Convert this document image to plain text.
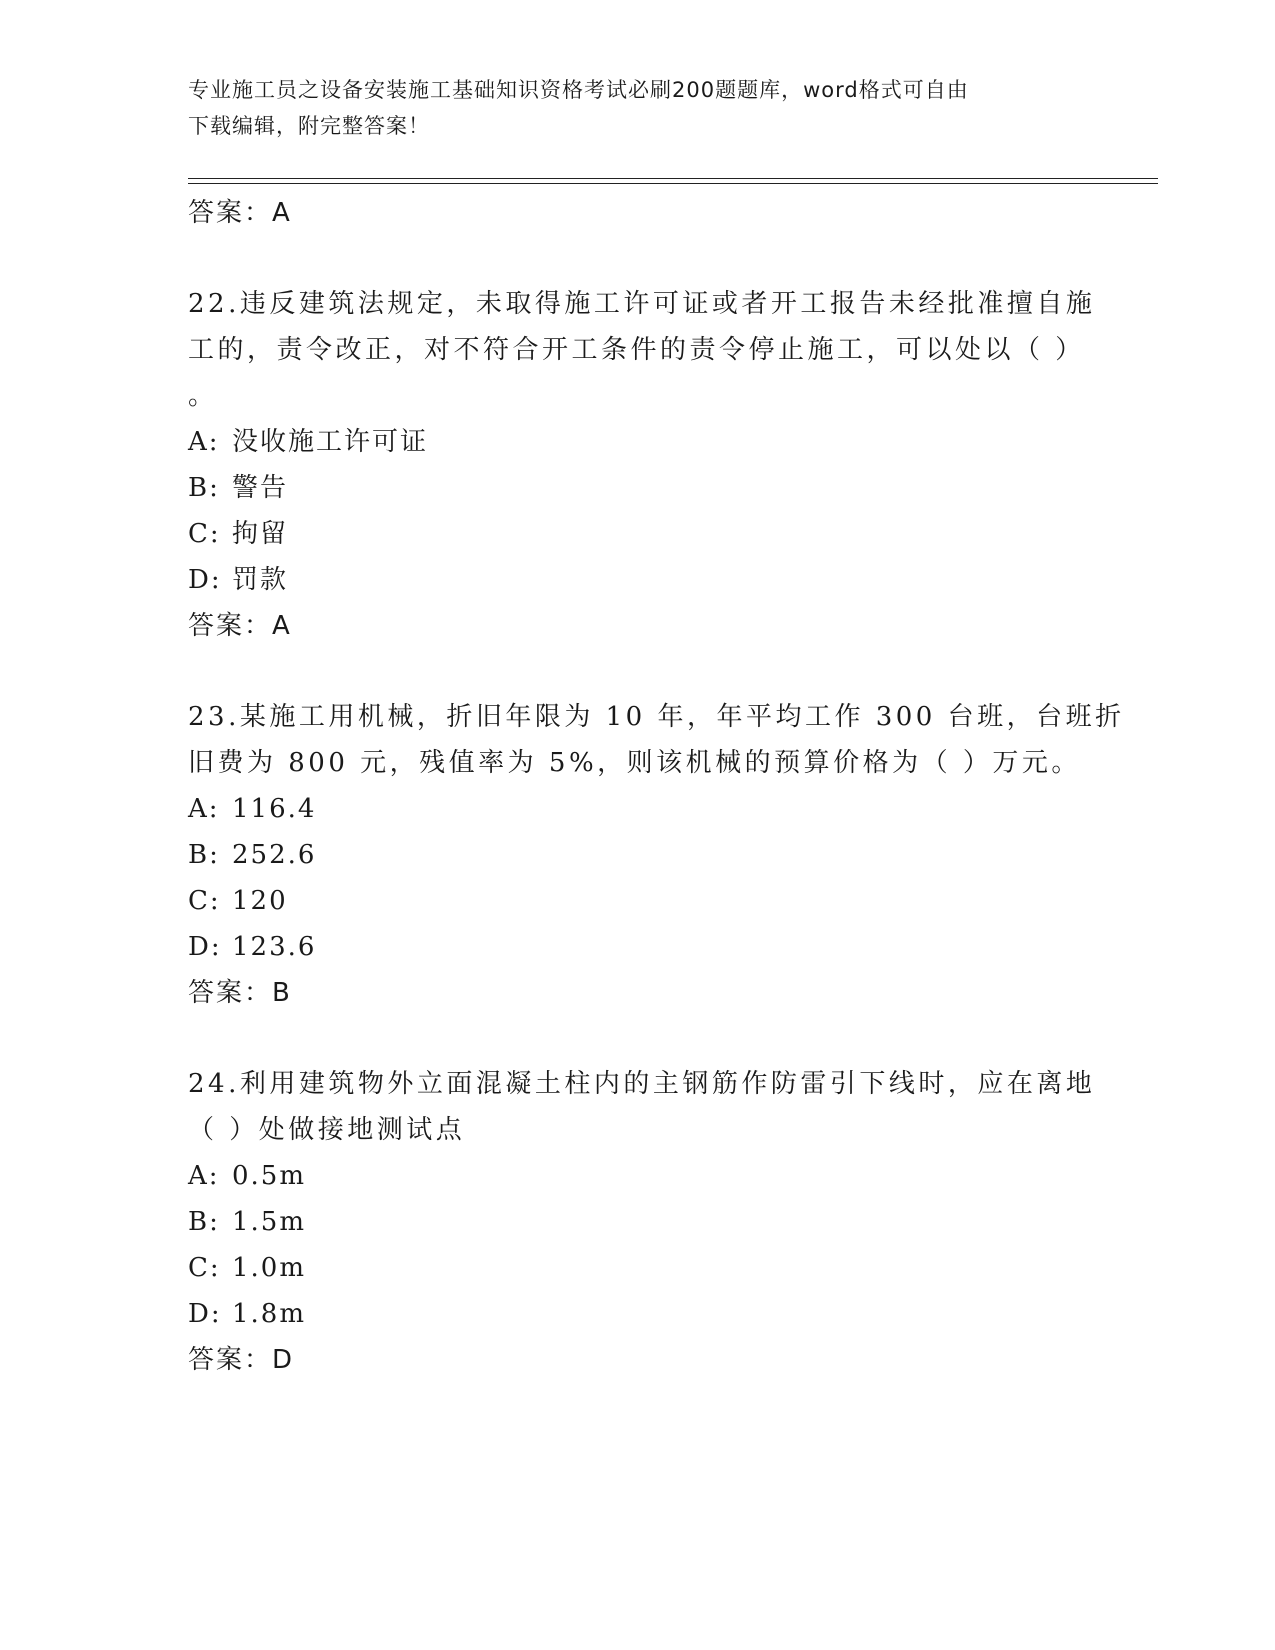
专业施工员之设备安装施工基础知识资格考试必刷200题题库，word格式可自由
下载编辑，附完整答案！
答案：A
22.违反建筑法规定，未取得施工许可证或者开工报告未经批准擅自施
工的，责令改正，对不符合开工条件的责令停止施工，可以处以（ ）
。
A: 没收施工许可证
B: 警告
C: 拘留
D: 罚款
答案：A
23.某施工用机械，折旧年限为 10 年，年平均工作 300 台班，台班折
旧费为 800 元，残值率为 5%，则该机械的预算价格为（ ）万元。
A: 116.4
B: 252.6
C: 120
D: 123.6
答案：B
24.利用建筑物外立面混凝土柱内的主钢筋作防雷引下线时，应在离地
（ ）处做接地测试点
A: 0.5m
B: 1.5m
C: 1.0m
D: 1.8m
答案：D
